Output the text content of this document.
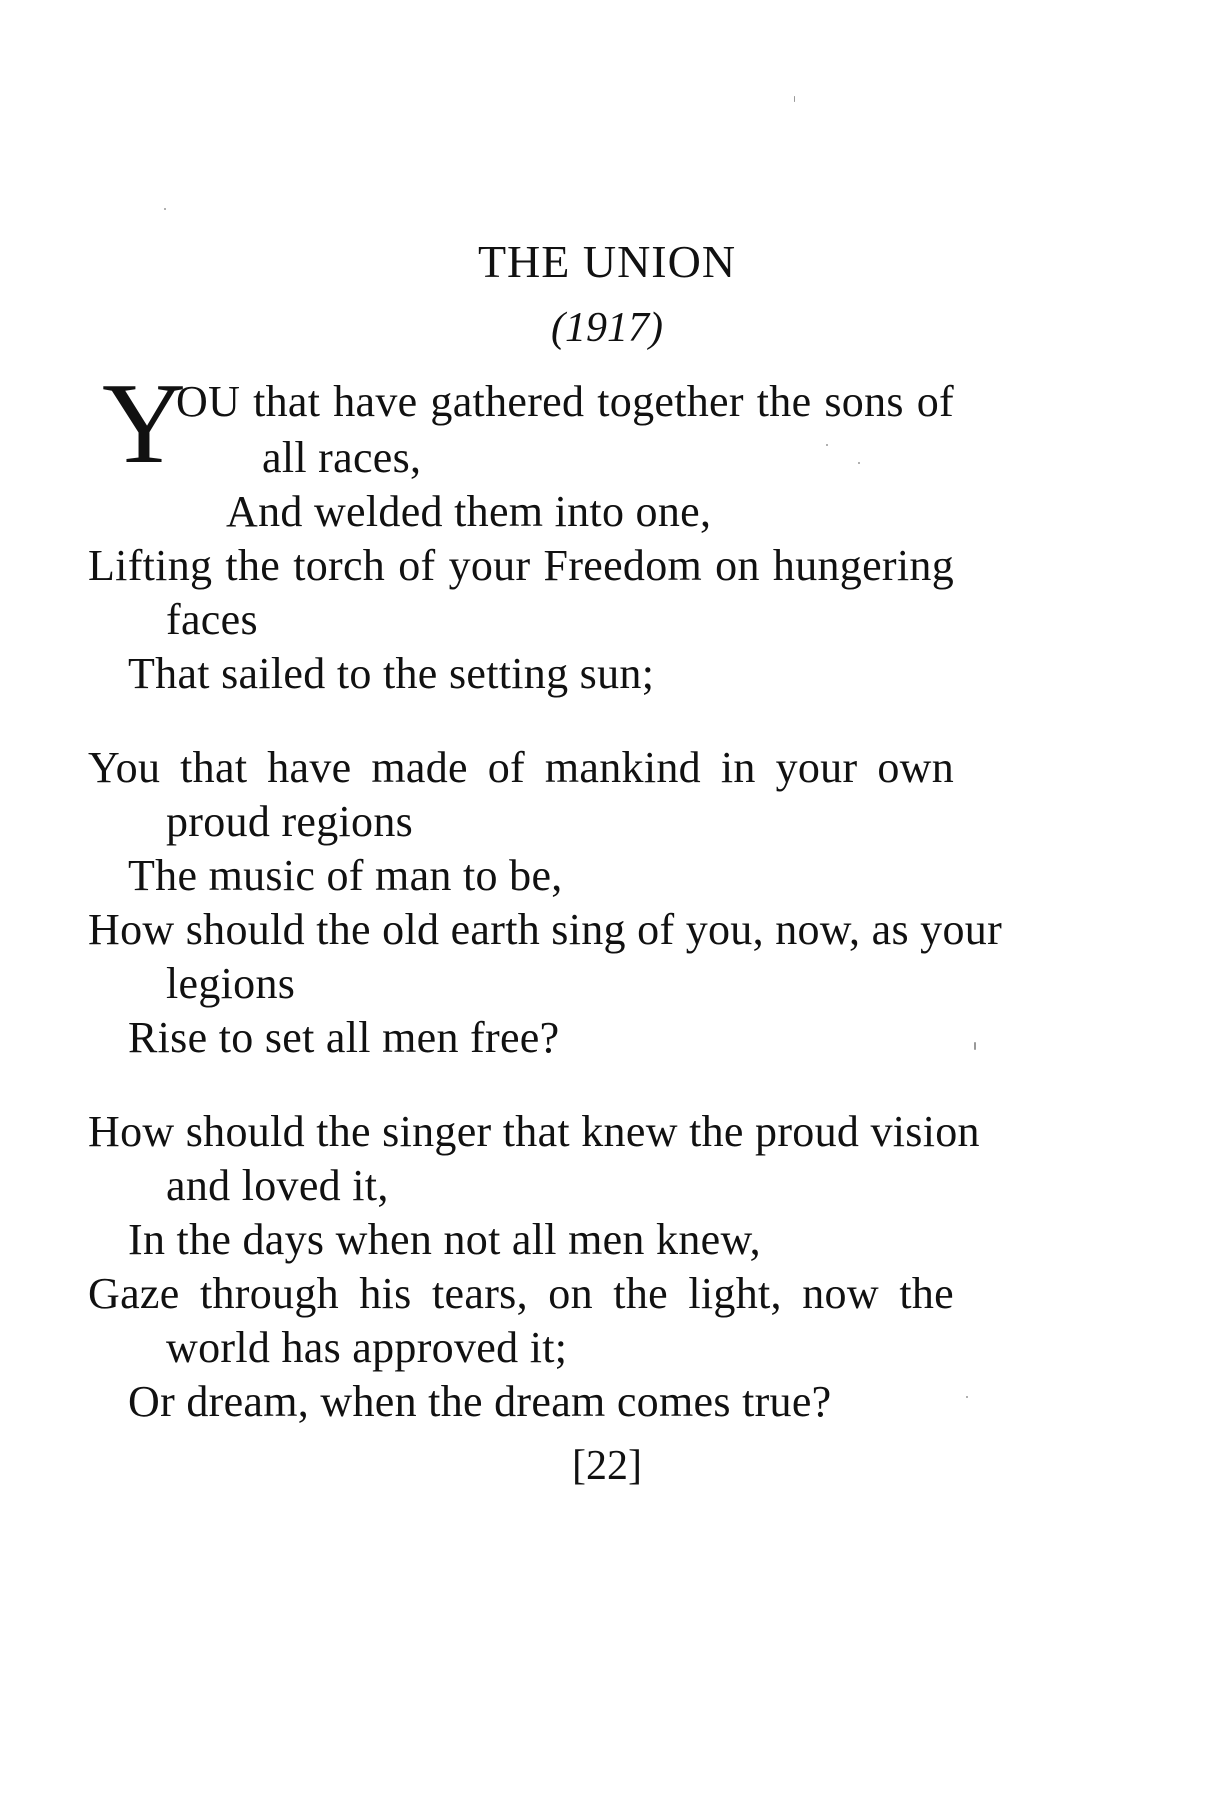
THE UNION
(1917)
Y
OU that have gathered together the sons of
all races,
And welded them into one,
Lifting the torch of your Freedom on hungering
faces
That sailed to the setting sun;
You that have made of mankind in your own
proud regions
The music of man to be,
How should the old earth sing of you, now, as your
legions
Rise to set all men free?
How should the singer that knew the proud vision
and loved it,
In the days when not all men knew,
Gaze through his tears, on the light, now the
world has approved it;
Or dream, when the dream comes true?
[22]
